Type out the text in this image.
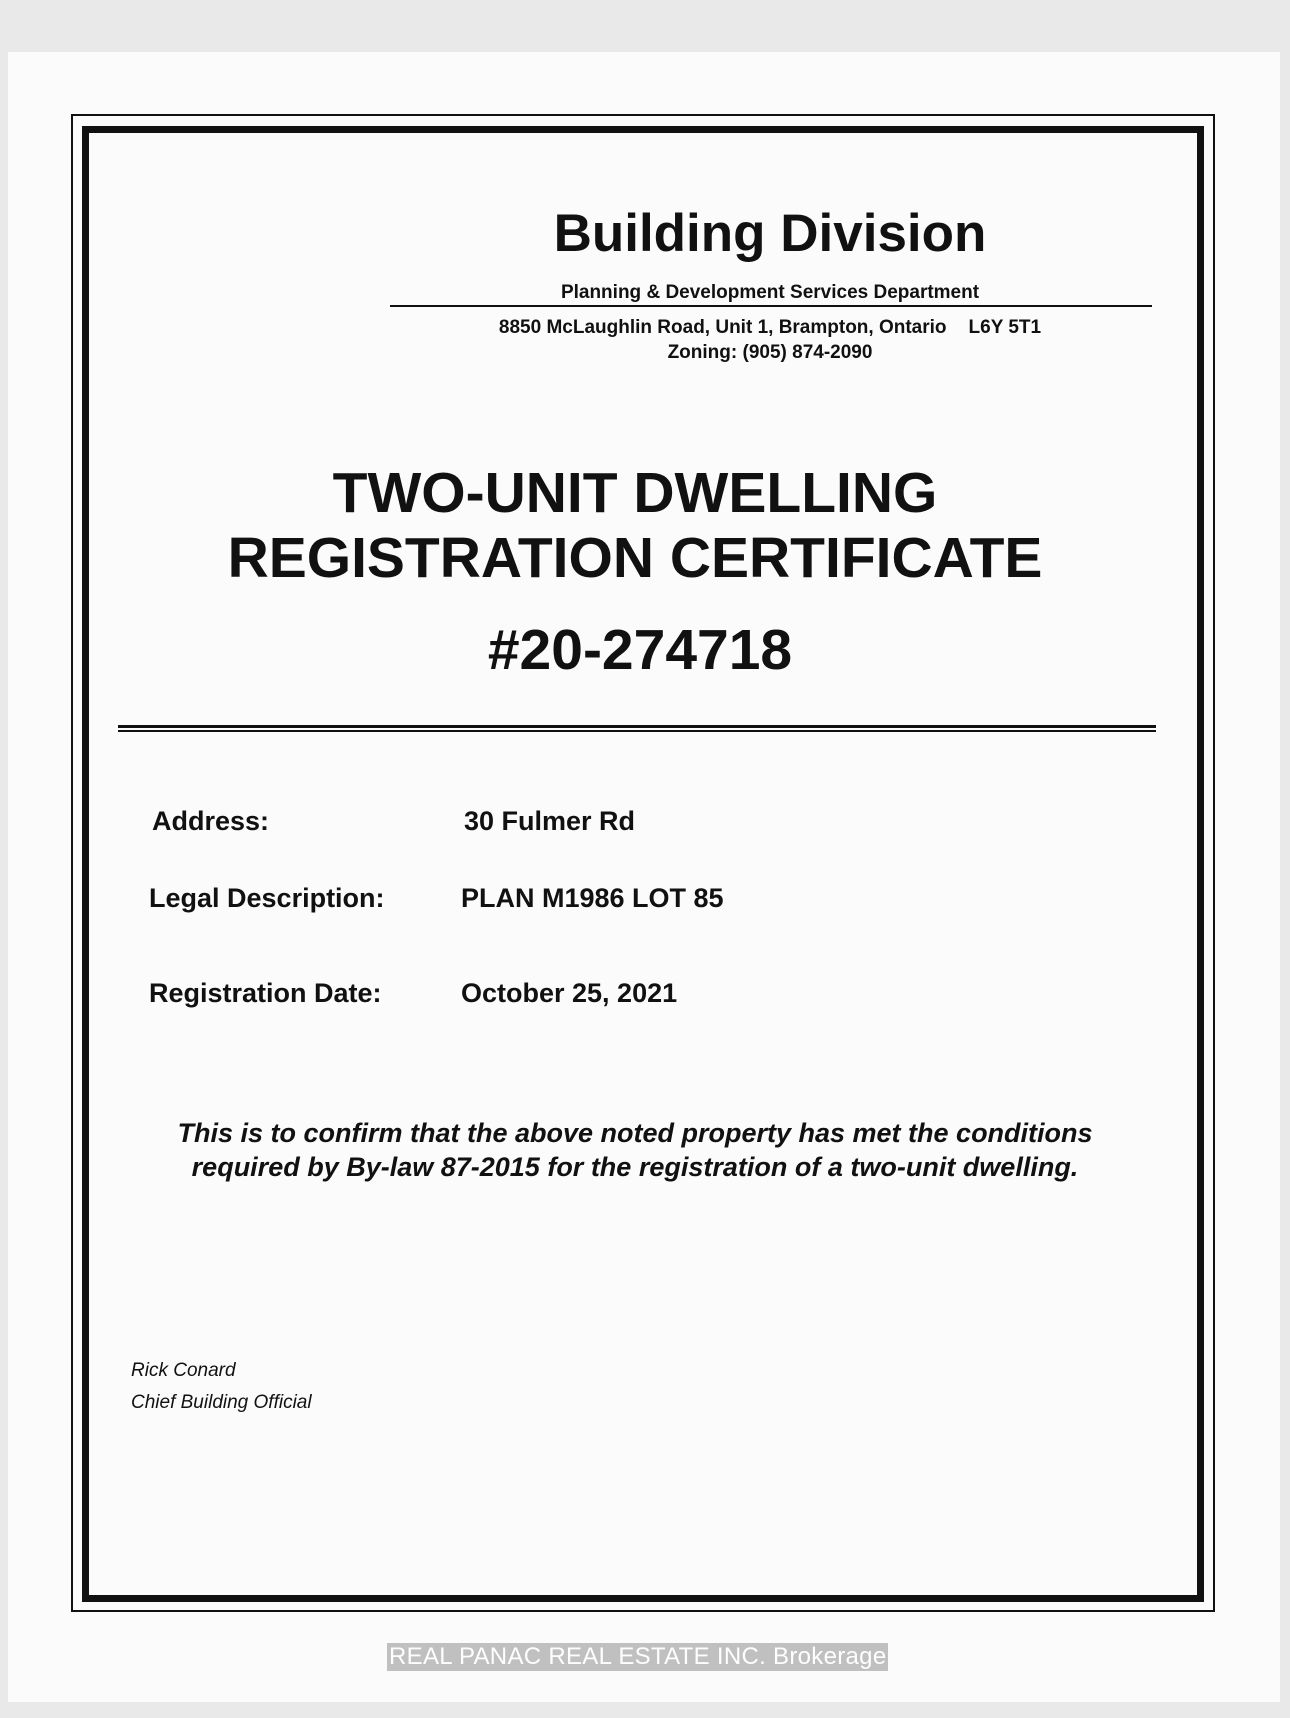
Building Division
Planning & Development Services Department
8850 McLaughlin Road, Unit 1, Brampton, Ontario L6Y 5T1
Zoning: (905) 874-2090
TWO-UNIT DWELLING
REGISTRATION CERTIFICATE
#20-274718
Address:	30 Fulmer Rd
Legal Description:	PLAN M1986 LOT 85
Registration Date:	October 25, 2021
This is to confirm that the above noted property has met the conditions
required by By-law 87-2015 for the registration of a two-unit dwelling.
Rick Conard
Chief Building Official
REAL PANAC REAL ESTATE INC. Brokerage
